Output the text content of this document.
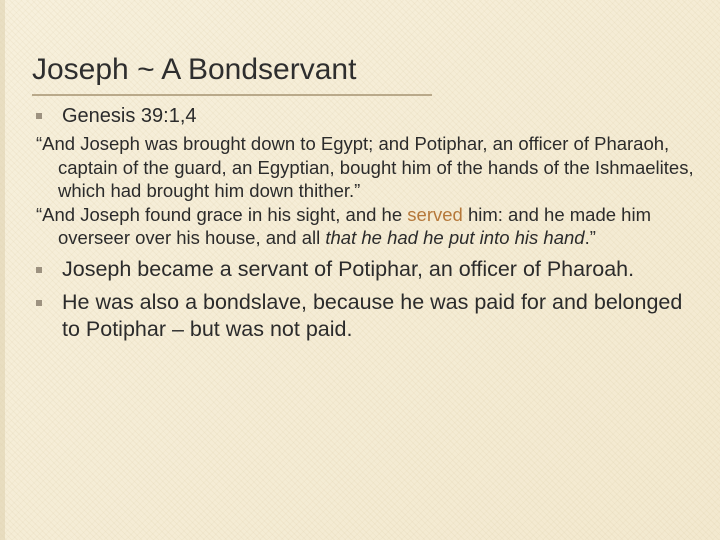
Joseph ~ A Bondservant
Genesis 39:1,4
“And Joseph was brought down to Egypt; and Potiphar, an officer of Pharaoh, captain of the guard, an Egyptian, bought him of the hands of the Ishmaelites, which had brought him down thither.”
“And Joseph found grace in his sight, and he served him: and he made him overseer over his house, and all that he had he put into his hand.”
Joseph became a servant of Potiphar, an officer of Pharoah.
He was also a bondslave, because he was paid for and belonged to Potiphar – but was not paid.
